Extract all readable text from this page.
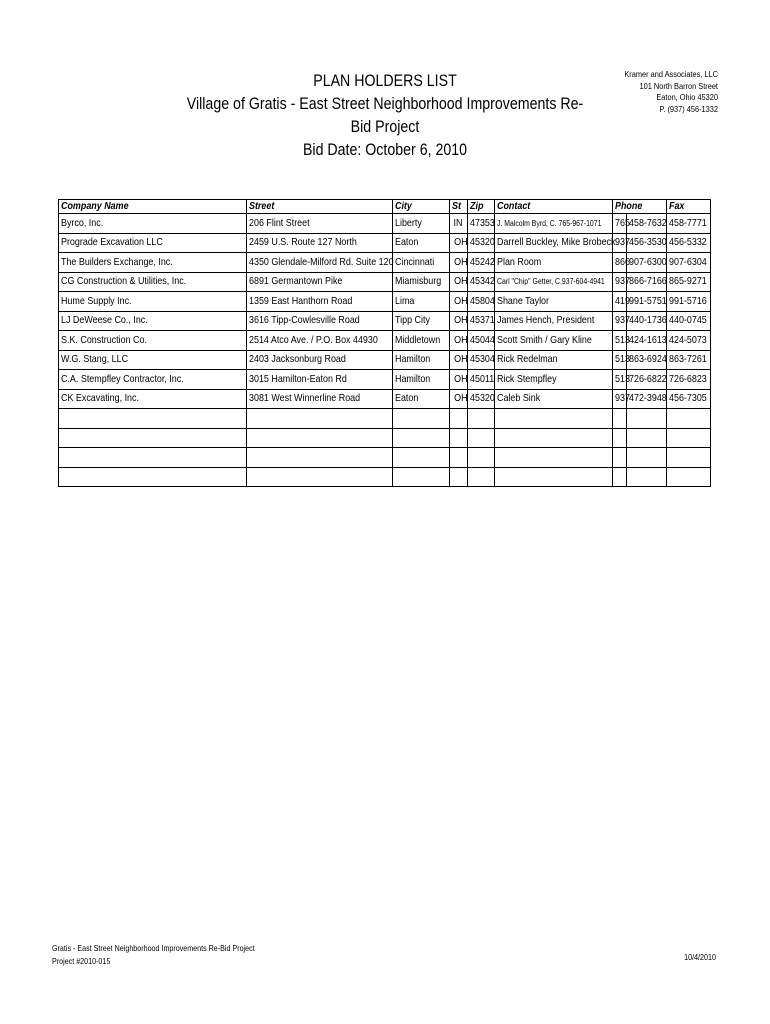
PLAN HOLDERS LIST
Village of Gratis - East Street Neighborhood Improvements Re-Bid Project
Bid Date: October 6, 2010
Kramer and Associates, LLC
101 North Barron Street
Eaton, Ohio 45320
P. (937) 456-1332
Company Name	Street	City	St	Zip	Contact	Phone		Fax
Byrco, Inc.	206 Flint Street	Liberty	IN	47353	J. Malcolm Byrd, C. 765-967-1071	765	458-7632	458-7771
Prograde Excavation LLC	2459 U.S. Route 127 North	Eaton	OH	45320	Darrell Buckley, Mike Brobeck	937	456-3530	456-5332
The Builders Exchange, Inc.	4350 Glendale-Milford Rd. Suite 120	Cincinnati	OH	45242	Plan Room	866	907-6300	907-6304
CG Construction & Utilities, Inc.	6891 Germantown Pike	Miamisburg	OH	45342	Carl "Chip" Getter, C.937-604-4941	937	866-7166	865-9271
Hume Supply Inc.	1359 East Hanthorn Road	Lima	OH	45804	Shane Taylor	419	991-5751	991-5716
LJ DeWeese Co., Inc.	3616 Tipp-Cowlesville Road	Tipp City	OH	45371	James Hench, President	937	440-1736	440-0745
S.K. Construction Co.	2514 Atco Ave. / P.O. Box 44930	Middletown	OH	45044	Scott Smith / Gary Kline	513	424-1613	424-5073
W.G. Stang, LLC	2403 Jacksonburg Road	Hamilton	OH	45304	Rick Redelman	513	863-6924	863-7261
C.A. Stempfley Contractor, Inc.	3015 Hamilton-Eaton Rd	Hamilton	OH	45011	Rick Stempfley	513	726-6822	726-6823
CK Excavating, Inc.	3081 West Winnerline Road	Eaton	OH	45320	Caleb Sink	937	472-3948	456-7305

Gratis - East Street Neighborhood Improvements Re-Bid Project
Project #2010-015	10/4/2010
